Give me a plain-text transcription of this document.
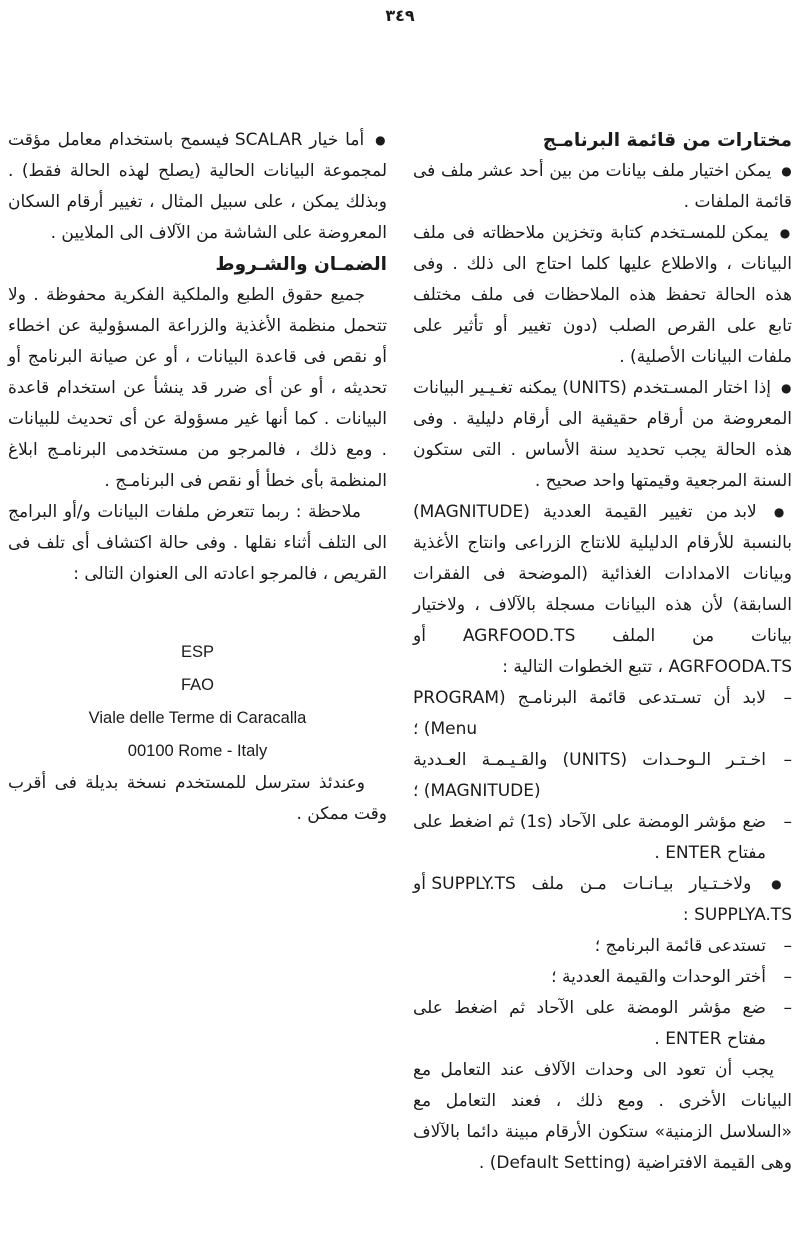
٣٤٩

مختارات من قائمة البرنامـج

● يمكن اختيار ملف بيانات من بين أحد عشر ملف فى قائمة الملفات .

● يمكن للمسـتخدم كتابة وتخزين ملاحظاته فى ملف البيانات ، والاطلاع عليها كلما احتاج الى ذلك . وفى هذه الحالة تحفظ هذه الملاحظات فى ملف مختلف تابع على القرص الصلب (دون تغيير أو تأثير على ملفات البيانات الأصلية) .

● إذا اختار المسـتخدم (UNITS) يمكنه تغـيـير البيانات المعروضة من أرقام حقيقية الى أرقام دليلية . وفى هذه الحالة يجب تحديد سنة الأساس . التى ستكون السنة المرجعية وقيمتها واحد صحيح .

● لابد من تغيير القيمة العددية (MAGNITUDE) بالنسبة للأرقام الدليلية للانتاج الزراعى وانتاج الأغذية وبيانات الامدادات الغذائية (الموضحة فى الفقرات السابقة) لأن هذه البيانات مسجلة بالآلاف ، ولاختيار بيانات من الملف AGRFOOD.TS أو AGRFOODA.TS ، تتبع الخطوات التالية :

–
لابد أن تسـتدعى قائمة البرنامـج (PROGRAM Menu) ؛
–
اخـتـر الـوحـدات (UNITS) والقـيـمـة العـددية (MAGNITUDE) ؛
–
ضع مؤشر الومضة على الآحاد (1s) ثم اضغط على مفتاح ENTER .

● ولاخـتـيار بيـانـات مـن ملف SUPPLY.TS أو SUPPLYA.TS :

–
تستدعى قائمة البرنامج ؛
–
أختر الوحدات والقيمة العددية ؛
–
ضع مؤشر الومضة على الآحاد ثم اضغط على مفتاح ENTER .

يجب أن تعود الى وحدات الآلاف عند التعامل مع البيانات الأخرى . ومع ذلك ، فعند التعامل مع «السلاسل الزمنية» ستكون الأرقام مبينة دائما بالآلاف وهى القيمة الافتراضية (Default Setting) .

● أما خيار SCALAR فيسمح باستخدام معامل مؤقت لمجموعة البيانات الحالية (يصلح لهذه الحالة فقط) . وبذلك يمكن ، على سبيل المثال ، تغيير أرقام السكان المعروضة على الشاشة من الآلاف الى الملايين .

الضمـان والشـروط

جميع حقوق الطبع والملكية الفكرية محفوظة . ولا تتحمل منظمة الأغذية والزراعة المسؤولية عن اخطاء أو نقص فى قاعدة البيانات ، أو عن صيانة البرنامج أو تحديثه ، أو عن أى ضرر قد ينشأ عن استخدام قاعدة البيانات . كما أنها غير مسؤولة عن أى تحديث للبيانات . ومع ذلك ، فالمرجو من مستخدمى البرنامـج ابلاغ المنظمة بأى خطأ أو نقص فى البرنامـج .

ملاحظة : ربما تتعرض ملفات البيانات و/أو البرامج الى التلف أثناء نقلها . وفى حالة اكتشاف أى تلف فى القريص ، فالمرجو اعادته الى العنوان التالى :

ESP
FAO
Viale delle Terme di Caracalla
00100 Rome - Italy

وعندئذ سترسل للمستخدم نسخة بديلة فى أقرب وقت ممكن .
